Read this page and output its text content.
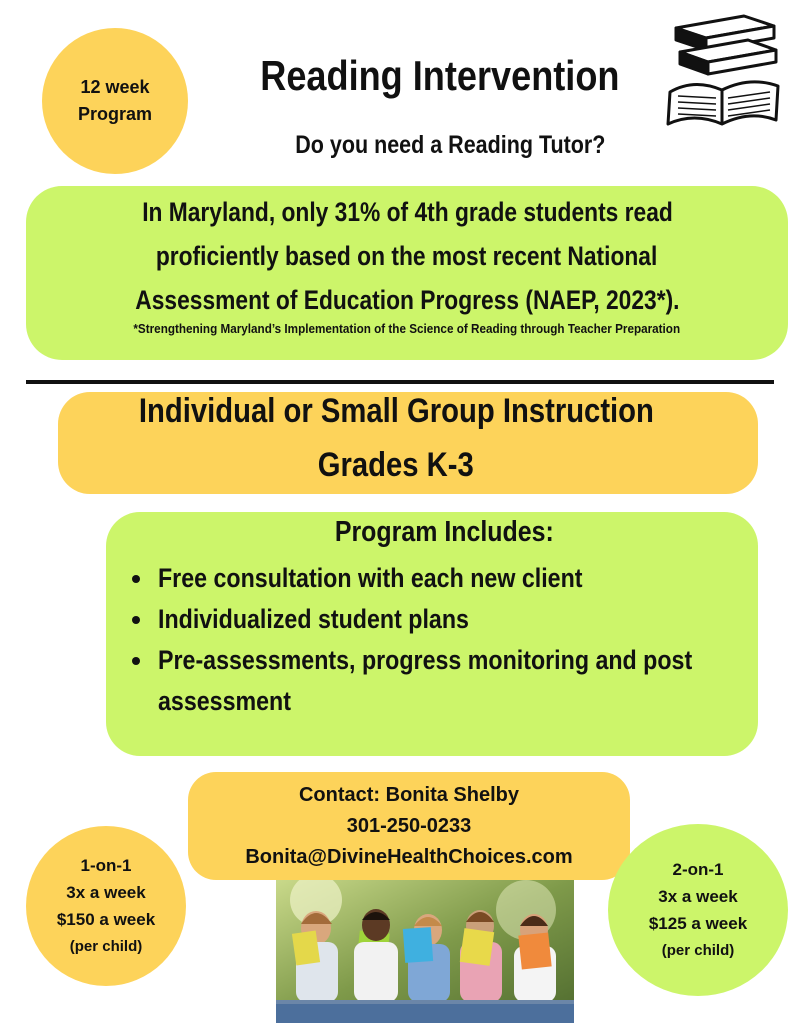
12 week
Program
Reading Intervention
Do you need a Reading Tutor?
In Maryland, only 31% of 4th grade students read
proficiently based on the most recent National
Assessment of Education Progress (NAEP, 2023*).
*Strengthening Maryland’s Implementation of the Science of Reading through Teacher Preparation
Individual or Small Group Instruction
Grades K-3
Program Includes:
Free consultation with each new client
Individualized student plans
Pre-assessments, progress monitoring and post
assessment
Contact: Bonita Shelby
301-250-0233
Bonita@DivineHealthChoices.com
1-on-1
3x a week
$150 a week
(per child)
2-on-1
3x a week
$125 a week
(per child)
